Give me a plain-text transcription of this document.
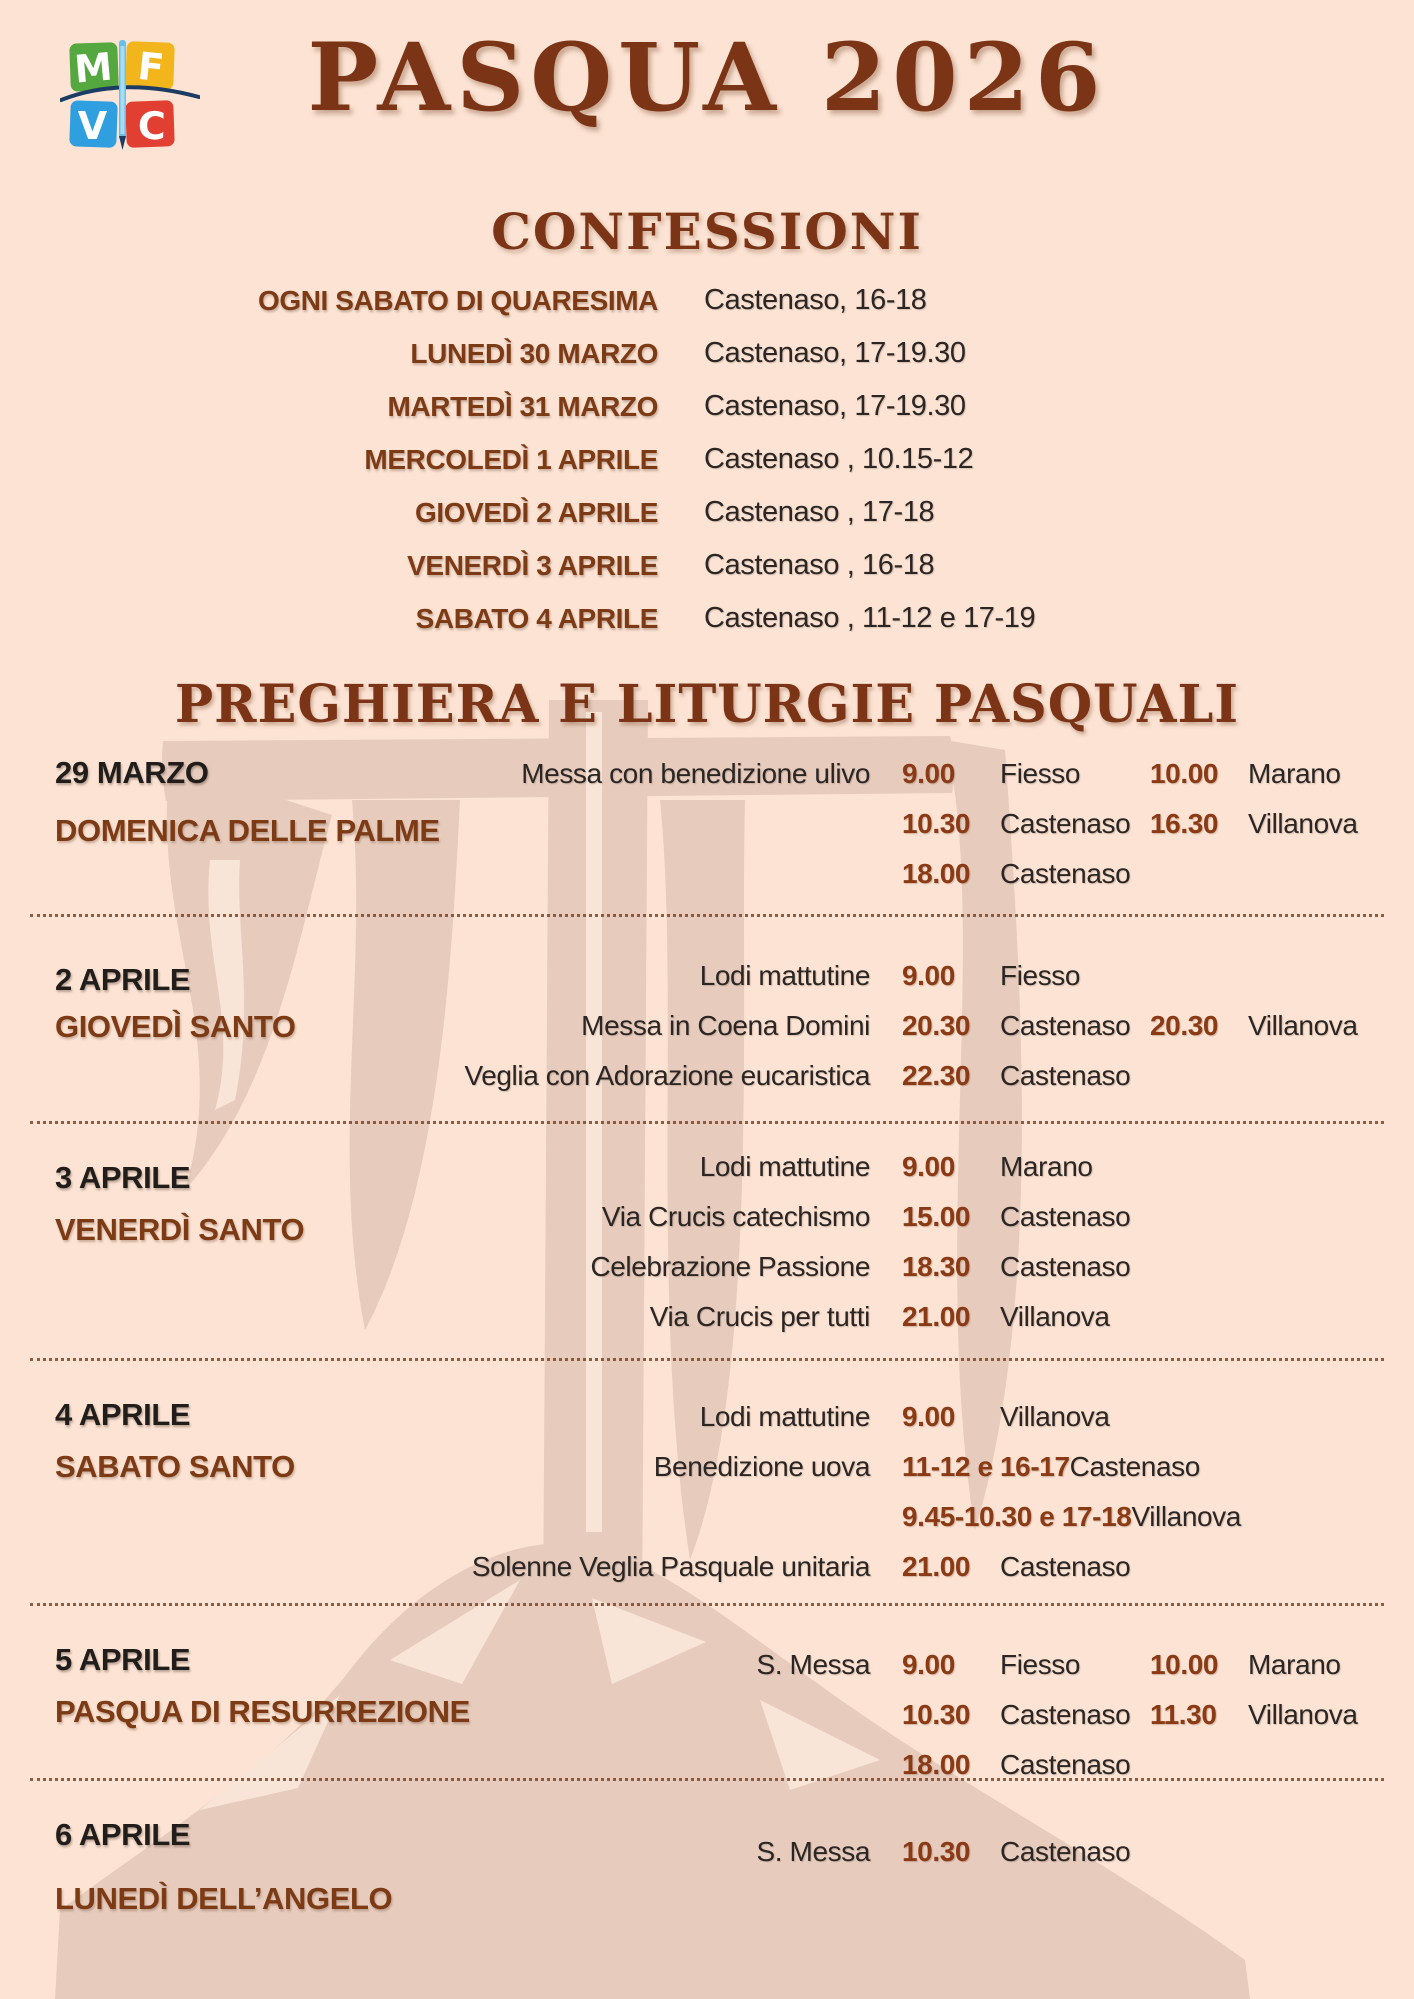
M F
V C	PASQUA 2026
CONFESSIONI
OGNI SABATO DI QUARESIMA Castenaso, 16-18
LUNEDÌ 30 MARZO Castenaso, 17-19.30
MARTEDÌ 31 MARZO Castenaso, 17-19.30
MERCOLEDÌ 1 APRILE Castenaso , 10.15-12
GIOVEDÌ 2 APRILE Castenaso , 17-18
VENERDÌ 3 APRILE Castenaso , 16-18
SABATO 4 APRILE Castenaso , 11-12 e 17-19
PREGHIERA E LITURGIE PASQUALI
29 MARZO
DOMENICA DELLE PALME
Messa con benedizione ulivo 9.00	Fiesso	10.00	Marano
10.30	Castenaso 16.30	Villanova
18.00	Castenaso
2 APRILE
GIOVEDÌ SANTO
Lodi mattutine 9.00	Fiesso
Messa in Coena Domini 20.30	Castenaso 20.30	Villanova
Veglia con Adorazione eucaristica 22.30	Castenaso
3 APRILE
VENERDÌ SANTO
Lodi mattutine 9.00	Marano
Via Crucis catechismo 15.00	Castenaso
Celebrazione Passione 18.30	Castenaso
Via Crucis per tutti 21.00	Villanova
4 APRILE
SABATO SANTO
Lodi mattutine 9.00	Villanova
Benedizione uova 11-12 e 16-17 Castenaso
9.45-10.30 e 17-18 Villanova
Solenne Veglia Pasquale unitaria 21.00	Castenaso
5 APRILE
PASQUA DI RESURREZIONE
S. Messa 9.00	Fiesso	10.00	Marano
10.30	Castenaso 11.30	Villanova
18.00	Castenaso
6 APRILE
LUNEDÌ DELL’ANGELO
S. Messa 10.30	Castenaso
